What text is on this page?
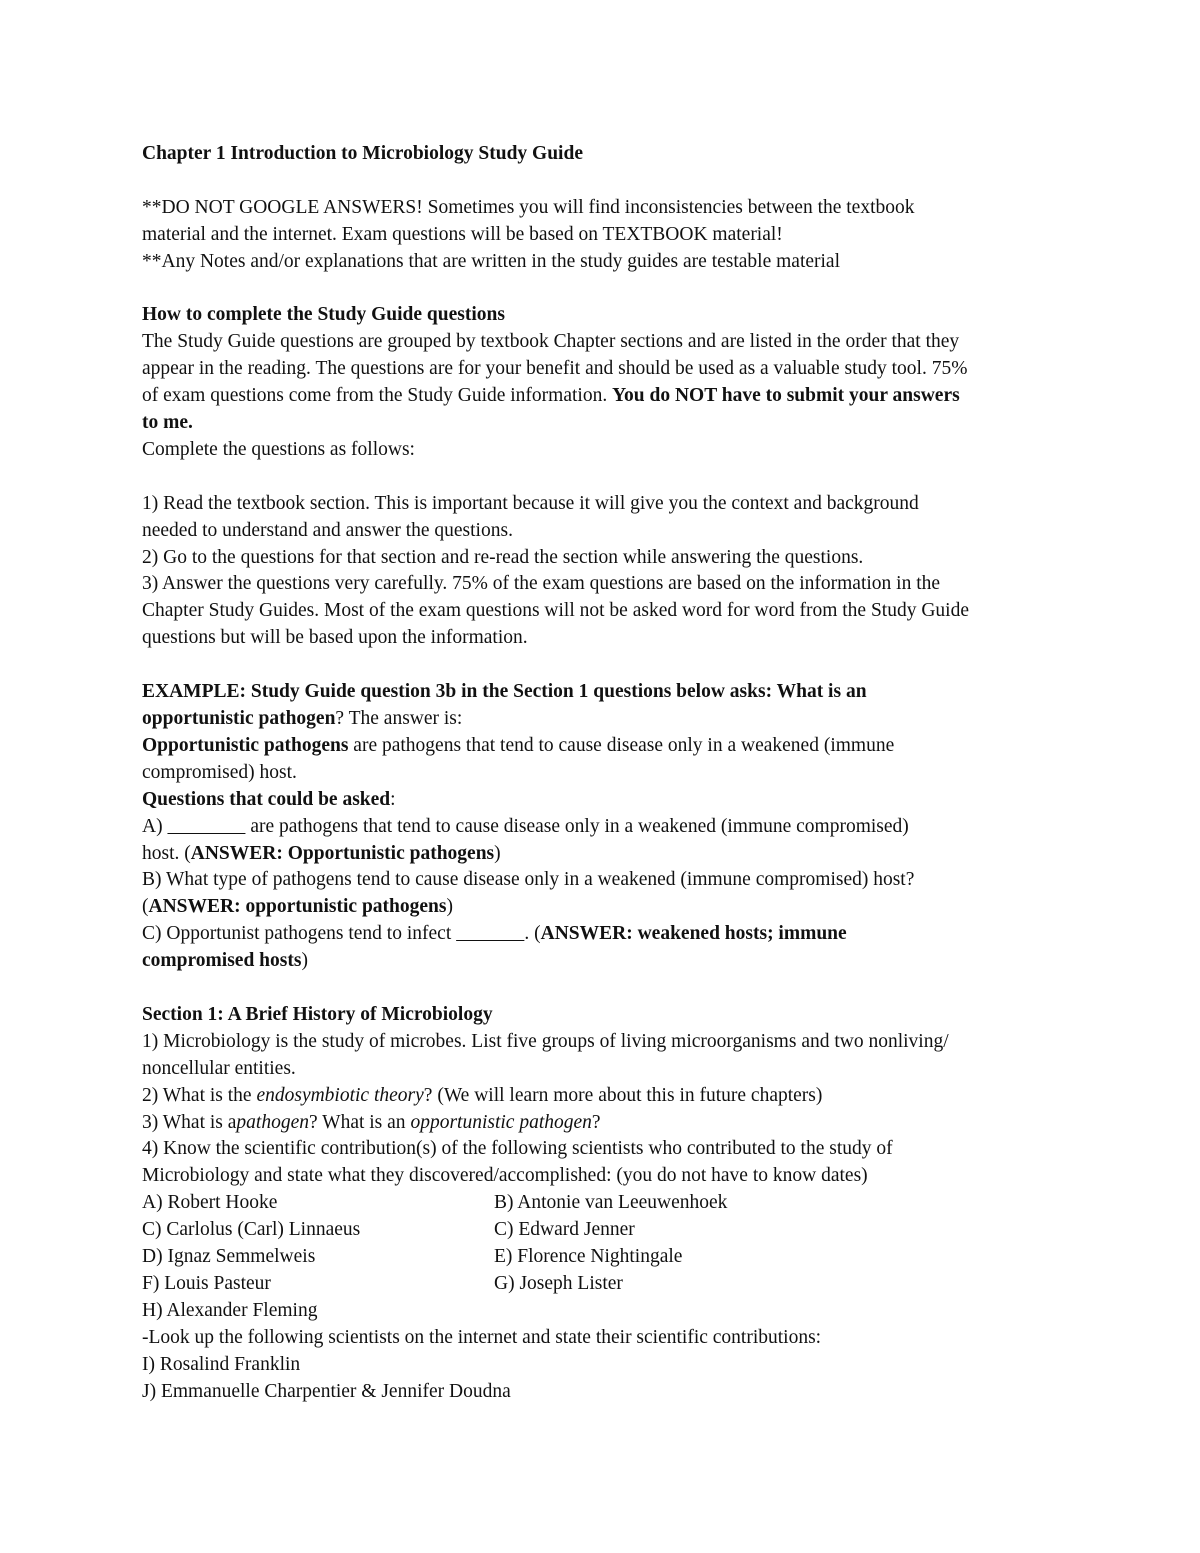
Chapter 1 Introduction to Microbiology Study Guide
**DO NOT GOOGLE ANSWERS! Sometimes you will find inconsistencies between the textbook
material and the internet. Exam questions will be based on TEXTBOOK material!
**Any Notes and/or explanations that are written in the study guides are testable material
How to complete the Study Guide questions
The Study Guide questions are grouped by textbook Chapter sections and are listed in the order that they
appear in the reading. The questions are for your benefit and should be used as a valuable study tool. 75%
of exam questions come from the Study Guide information. You do NOT have to submit your answers
to me.
Complete the questions as follows:
1) Read the textbook section. This is important because it will give you the context and background
needed to understand and answer the questions.
2) Go to the questions for that section and re-read the section while answering the questions.
3) Answer the questions very carefully. 75% of the exam questions are based on the information in the
Chapter Study Guides. Most of the exam questions will not be asked word for word from the Study Guide
questions but will be based upon the information.
EXAMPLE: Study Guide question 3b in the Section 1 questions below asks: What is an
opportunistic pathogen? The answer is:
Opportunistic pathogens are pathogens that tend to cause disease only in a weakened (immune
compromised) host.
Questions that could be asked:
A)	are pathogens that tend to cause disease only in a weakened (immune compromised)
host. (ANSWER: Opportunistic pathogens)
B) What type of pathogens tend to cause disease only in a weakened (immune compromised) host?
(ANSWER: opportunistic pathogens)
C) Opportunist pathogens tend to infect	. (ANSWER: weakened hosts; immune
compromised hosts)
Section 1: A Brief History of Microbiology
1) Microbiology is the study of microbes. List five groups of living microorganisms and two nonliving/
noncellular entities.
2) What is the endosymbiotic theory? (We will learn more about this in future chapters)
3) What is apathogen? What is an opportunistic pathogen?
4) Know the scientific contribution(s) of the following scientists who contributed to the study of
Microbiology and state what they discovered/accomplished: (you do not have to know dates)
A) Robert Hooke	B) Antonie van Leeuwenhoek
C) Carlolus (Carl) Linnaeus	C) Edward Jenner
D) Ignaz Semmelweis	E) Florence Nightingale
F) Louis Pasteur	G) Joseph Lister
H) Alexander Fleming
-Look up the following scientists on the internet and state their scientific contributions:
I) Rosalind Franklin
J) Emmanuelle Charpentier & Jennifer Doudna
